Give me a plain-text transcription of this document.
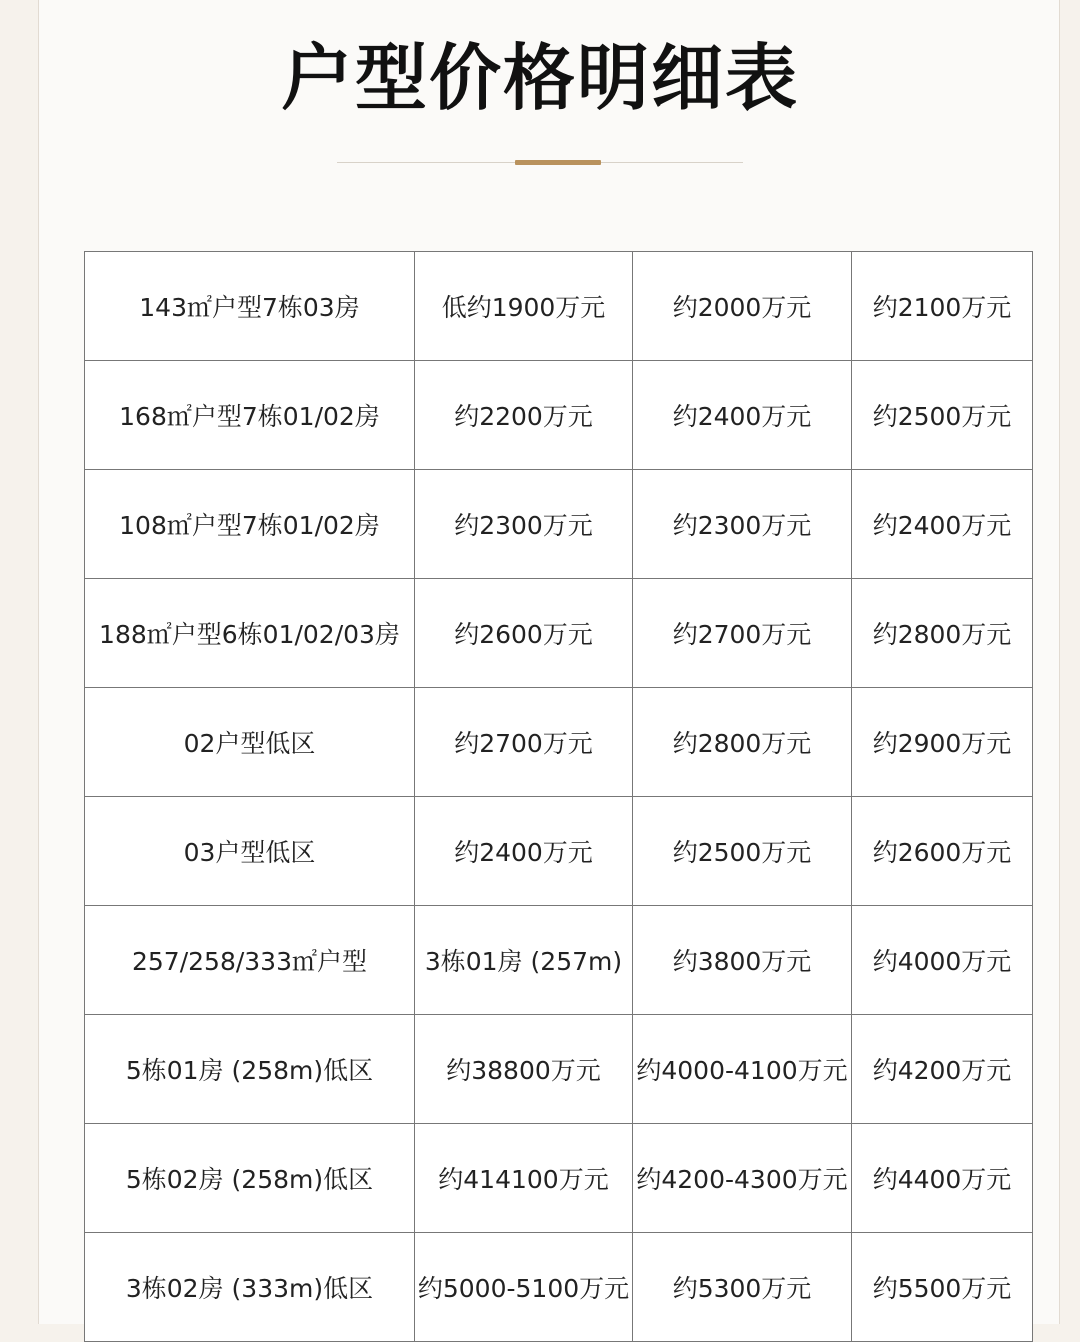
户型价格明细表
143㎡户型7栋03房	低约1900万元	约2000万元	约2100万元
168㎡户型7栋01/02房	约2200万元	约2400万元	约2500万元
108㎡户型7栋01/02房	约2300万元	约2300万元	约2400万元
188㎡户型6栋01/02/03房	约2600万元	约2700万元	约2800万元
02户型低区	约2700万元	约2800万元	约2900万元
03户型低区	约2400万元	约2500万元	约2600万元
257/258/333㎡户型	3栋01房 (257m)	约3800万元	约4000万元
5栋01房 (258m)低区	约38800万元	约4000-4100万元	约4200万元
5栋02房 (258m)低区	约414100万元	约4200-4300万元	约4400万元
3栋02房 (333m)低区	约5000-5100万元	约5300万元	约5500万元
